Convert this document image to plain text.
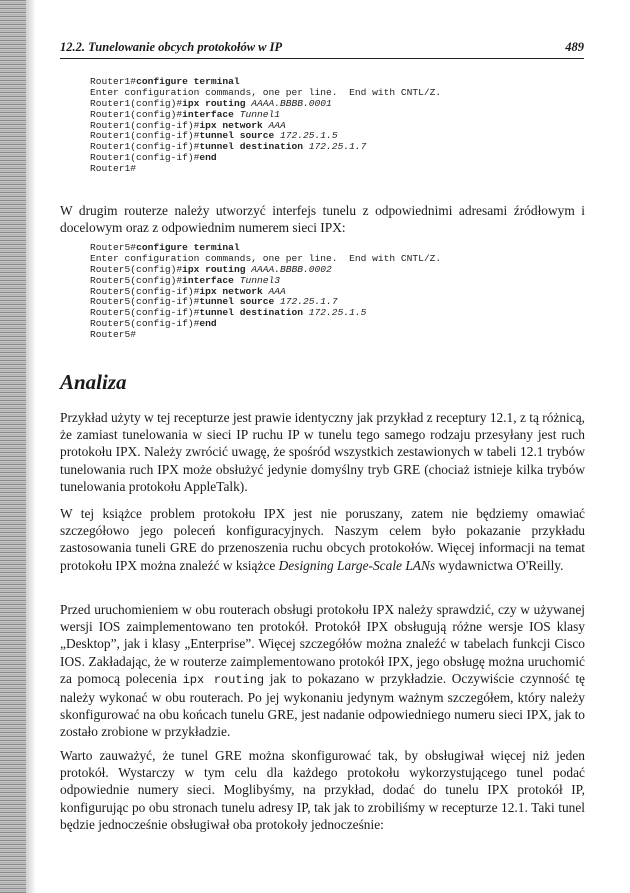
12.2. Tunelowanie obcych protokołów w IP	489
Router1#configure terminal
Enter configuration commands, one per line.  End with CNTL/Z.
Router1(config)#ipx routing AAAA.BBBB.0001
Router1(config)#interface Tunnel1
Router1(config-if)#ipx network AAA
Router1(config-if)#tunnel source 172.25.1.5
Router1(config-if)#tunnel destination 172.25.1.7
Router1(config-if)#end
Router1#

W drugim routerze należy utworzyć interfejs tunelu z odpowiednimi adresami źródłowym i docelowym oraz z odpowiednim numerem sieci IPX:

Router5#configure terminal
Enter configuration commands, one per line.  End with CNTL/Z.
Router5(config)#ipx routing AAAA.BBBB.0002
Router5(config)#interface Tunnel3
Router5(config-if)#ipx network AAA
Router5(config-if)#tunnel source 172.25.1.7
Router5(config-if)#tunnel destination 172.25.1.5
Router5(config-if)#end
Router5#
Analiza

Przykład użyty w tej recepturze jest prawie identyczny jak przykład z receptury 12.1, z tą różnicą, że zamiast tunelowania w sieci IP ruchu IP w tunelu tego samego rodzaju przesyłany jest ruch protokołu IPX. Należy zwrócić uwagę, że spośród wszystkich zestawionych w tabeli 12.1 trybów tunelowania ruch IPX może obsłużyć jedynie domyślny tryb GRE (chociaż istnieje kilka trybów tunelowania protokołu AppleTalk).

W tej książce problem protokołu IPX jest nie poruszany, zatem nie będziemy omawiać szczegółowo jego poleceń konfiguracyjnych. Naszym celem było pokazanie przykładu zastosowania tuneli GRE do przenoszenia ruchu obcych protokołów. Więcej informacji na temat protokołu IPX można znaleźć w książce Designing Large-Scale LANs wydawnictwa O'Reilly.

Przed uruchomieniem w obu routerach obsługi protokołu IPX należy sprawdzić, czy w używanej wersji IOS zaimplementowano ten protokół. Protokół IPX obsługują różne wersje IOS klasy „Desktop”, jak i klasy „Enterprise”. Więcej szczegółów można znaleźć w tabelach funkcji Cisco IOS. Zakładając, że w routerze zaimplementowano protokół IPX, jego obsługę można uruchomić za pomocą polecenia ipx routing jak to pokazano w przykładzie. Oczywiście czynność tę należy wykonać w obu routerach. Po jej wykonaniu jedynym ważnym szczegółem, który należy skonfigurować na obu końcach tunelu GRE, jest nadanie odpowiedniego numeru sieci IPX, jak to zostało zrobione w przykładzie.

Warto zauważyć, że tunel GRE można skonfigurować tak, by obsługiwał więcej niż jeden protokół. Wystarczy w tym celu dla każdego protokołu wykorzystującego tunel podać odpowiednie numery sieci. Moglibyśmy, na przykład, dodać do tunelu IPX protokół IP, konfigurując po obu stronach tunelu adresy IP, tak jak to zrobiliśmy w recepturze 12.1. Taki tunel będzie jednocześnie obsługiwał oba protokoły jednocześnie:
